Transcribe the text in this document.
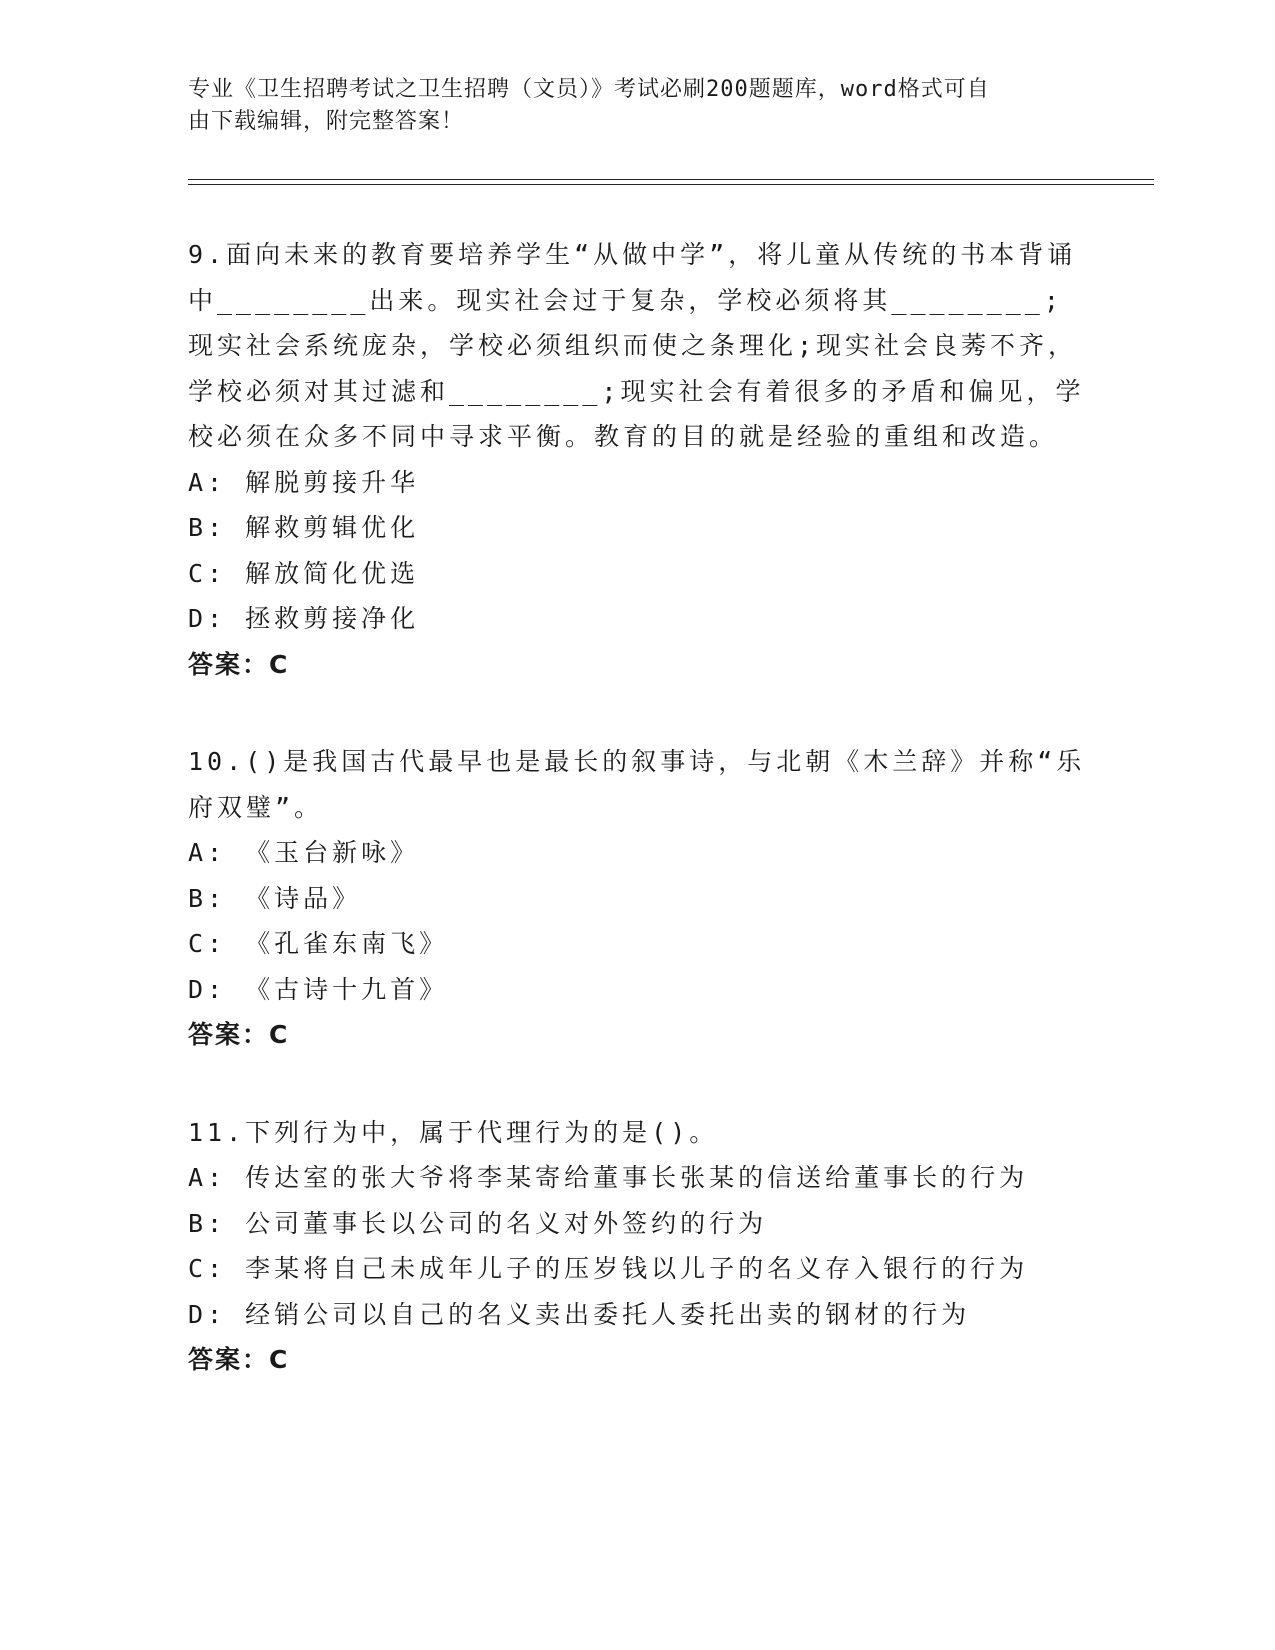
专业《卫生招聘考试之卫生招聘（文员）》考试必刷200题题库，word格式可自

由下载编辑，附完整答案！

9.面向未来的教育要培养学生“从做中学”，将儿童从传统的书本背诵中________出来。现实社会过于复杂，学校必须将其________;现实社会系统庞杂，学校必须组织而使之条理化;现实社会良莠不齐，学校必须对其过滤和________;现实社会有着很多的矛盾和偏见，学校必须在众多不同中寻求平衡。教育的目的就是经验的重组和改造。

A: 解脱剪接升华

B: 解救剪辑优化

C: 解放简化优选

D: 拯救剪接净化

答案：C

10.()是我国古代最早也是最长的叙事诗，与北朝《木兰辞》并称“乐府双璧”。

A: 《玉台新咏》

B: 《诗品》

C: 《孔雀东南飞》

D: 《古诗十九首》

答案：C

11.下列行为中，属于代理行为的是()。

A: 传达室的张大爷将李某寄给董事长张某的信送给董事长的行为

B: 公司董事长以公司的名义对外签约的行为

C: 李某将自己未成年儿子的压岁钱以儿子的名义存入银行的行为

D: 经销公司以自己的名义卖出委托人委托出卖的钢材的行为

答案：C
